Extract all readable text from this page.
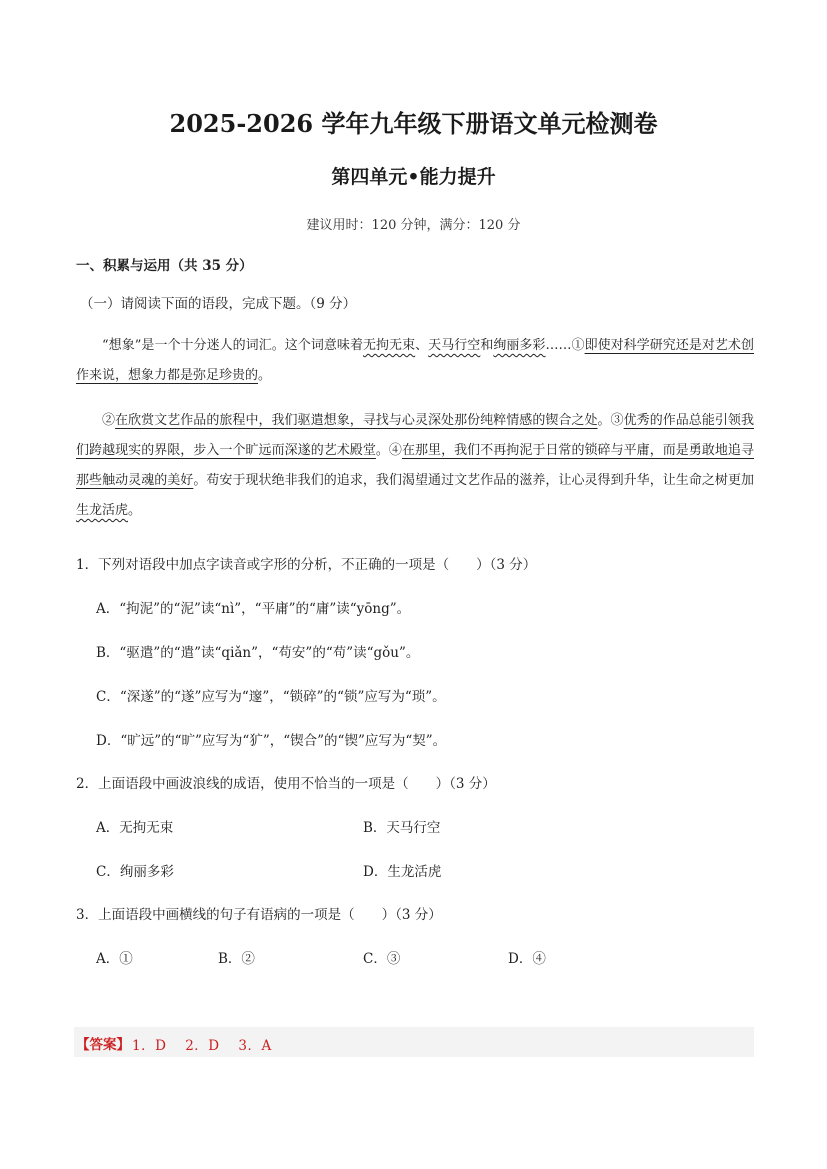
2025-2026 学年九年级下册语文单元检测卷
第四单元•能力提升
建议用时：120 分钟，满分：120 分
一、积累与运用（共 35 分）
（一）请阅读下面的语段，完成下题。（9 分）
“想象”是一个十分迷人的词汇。这个词意味着无拘无束、天马行空和绚丽多彩……①即使对科学研究还是对艺术创作来说，想象力都是弥足珍贵的。
②在欣赏文艺作品的旅程中，我们驱遣想象，寻找与心灵深处那份纯粹情感的锲合之处。③优秀的作品总能引领我们跨越现实的界限，步入一个旷远而深遂的艺术殿堂。④在那里，我们不再拘泥于日常的锁碎与平庸，而是勇敢地追寻那些触动灵魂的美好。苟安于现状绝非我们的追求，我们渴望通过文艺作品的滋养，让心灵得到升华，让生命之树更加生龙活虎。
1．下列对语段中加点字读音或字形的分析，不正确的一项是（　　）（3 分）
A．“拘泥”的“泥”读“nì”，“平庸”的“庸”读“yōng”。
B．“驱遣”的“遣”读“qiǎn”，“苟安”的“苟”读“gǒu”。
C．“深遂”的“遂”应写为“邃”，“锁碎”的“锁”应写为“琐”。
D．“旷远”的“旷”应写为“犷”，“锲合”的“锲”应写为“契”。
2．上面语段中画波浪线的成语，使用不恰当的一项是（　　）（3 分）
A．无拘无束	B．天马行空
C．绚丽多彩	D．生龙活虎
3．上面语段中画横线的句子有语病的一项是（　　）（3 分）
A．①	B．②	C．③	D．④
【答案】 1．D　 2．D　 3．A
